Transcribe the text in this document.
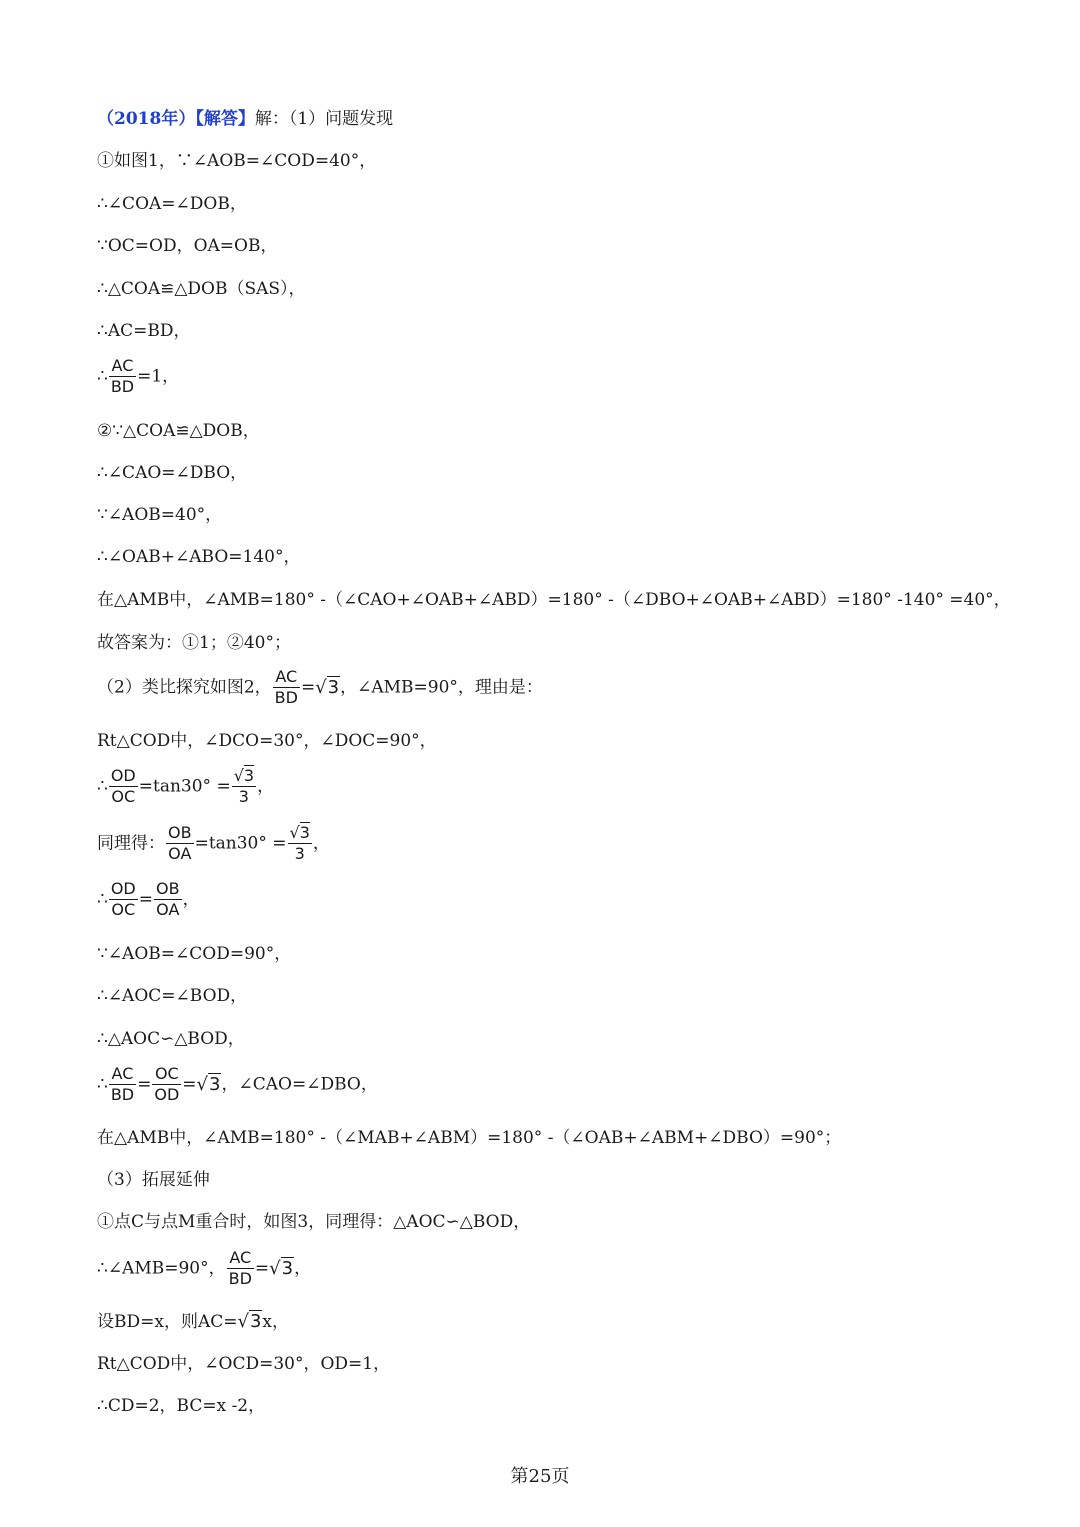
（2018年）【解答】解：（1）问题发现
①如图1，∵∠AOB=∠COD=40°，
∴∠COA=∠DOB，
∵OC=OD，OA=OB，
∴△COA≌△DOB（SAS），
∴AC=BD，
∴ $\frac{AC}{BD} =1$，
②∵△COA≌△DOB，
∴∠CAO=∠DBO，
∵∠AOB=40°，
∴∠OAB+∠ABO=140°，
在△AMB中，∠AMB=180° -（∠CAO+∠OAB+∠ABD）=180° -（∠DBO+∠OAB+∠ABD）=180° -140° =40°，
故答案为：①1；②40°；
（2）类比探究如图2， $\frac{AC}{BD} =√3$，∠AMB=90°，理由是：
Rt△COD中，∠DCO=30°，∠DOC=90°，
∴ $\frac{OD}{OC} =\tan 30^\circ = \frac{√3}{3}$ ，
同理得： $\frac{OB}{OA} =\tan 30^\circ = \frac{√3}{3}$ ，
∴ $\frac{OD}{OC} = \frac{OB}{OA}$ ，
∵∠AOB=∠COD=90°，
∴∠AOC=∠BOD，
∴△AOC∽△BOD，
∴ $\frac{AC}{BD} = \frac{OC}{OD} =√3$，∠CAO=∠DBO，
在△AMB中，∠AMB=180° -（∠MAB+∠ABM）=180° -（∠OAB+∠ABM+∠DBO）=90°；
（3）拓展延伸
①点C与点M重合时，如图3，同理得：△AOC∽△BOD，
∴∠AMB=90°， $\frac{AC}{BD} =√3$，
设BD=x，则AC=√3x，
Rt△COD中，∠OCD=30°，OD=1，
∴CD=2，BC=x -2，
第25页
